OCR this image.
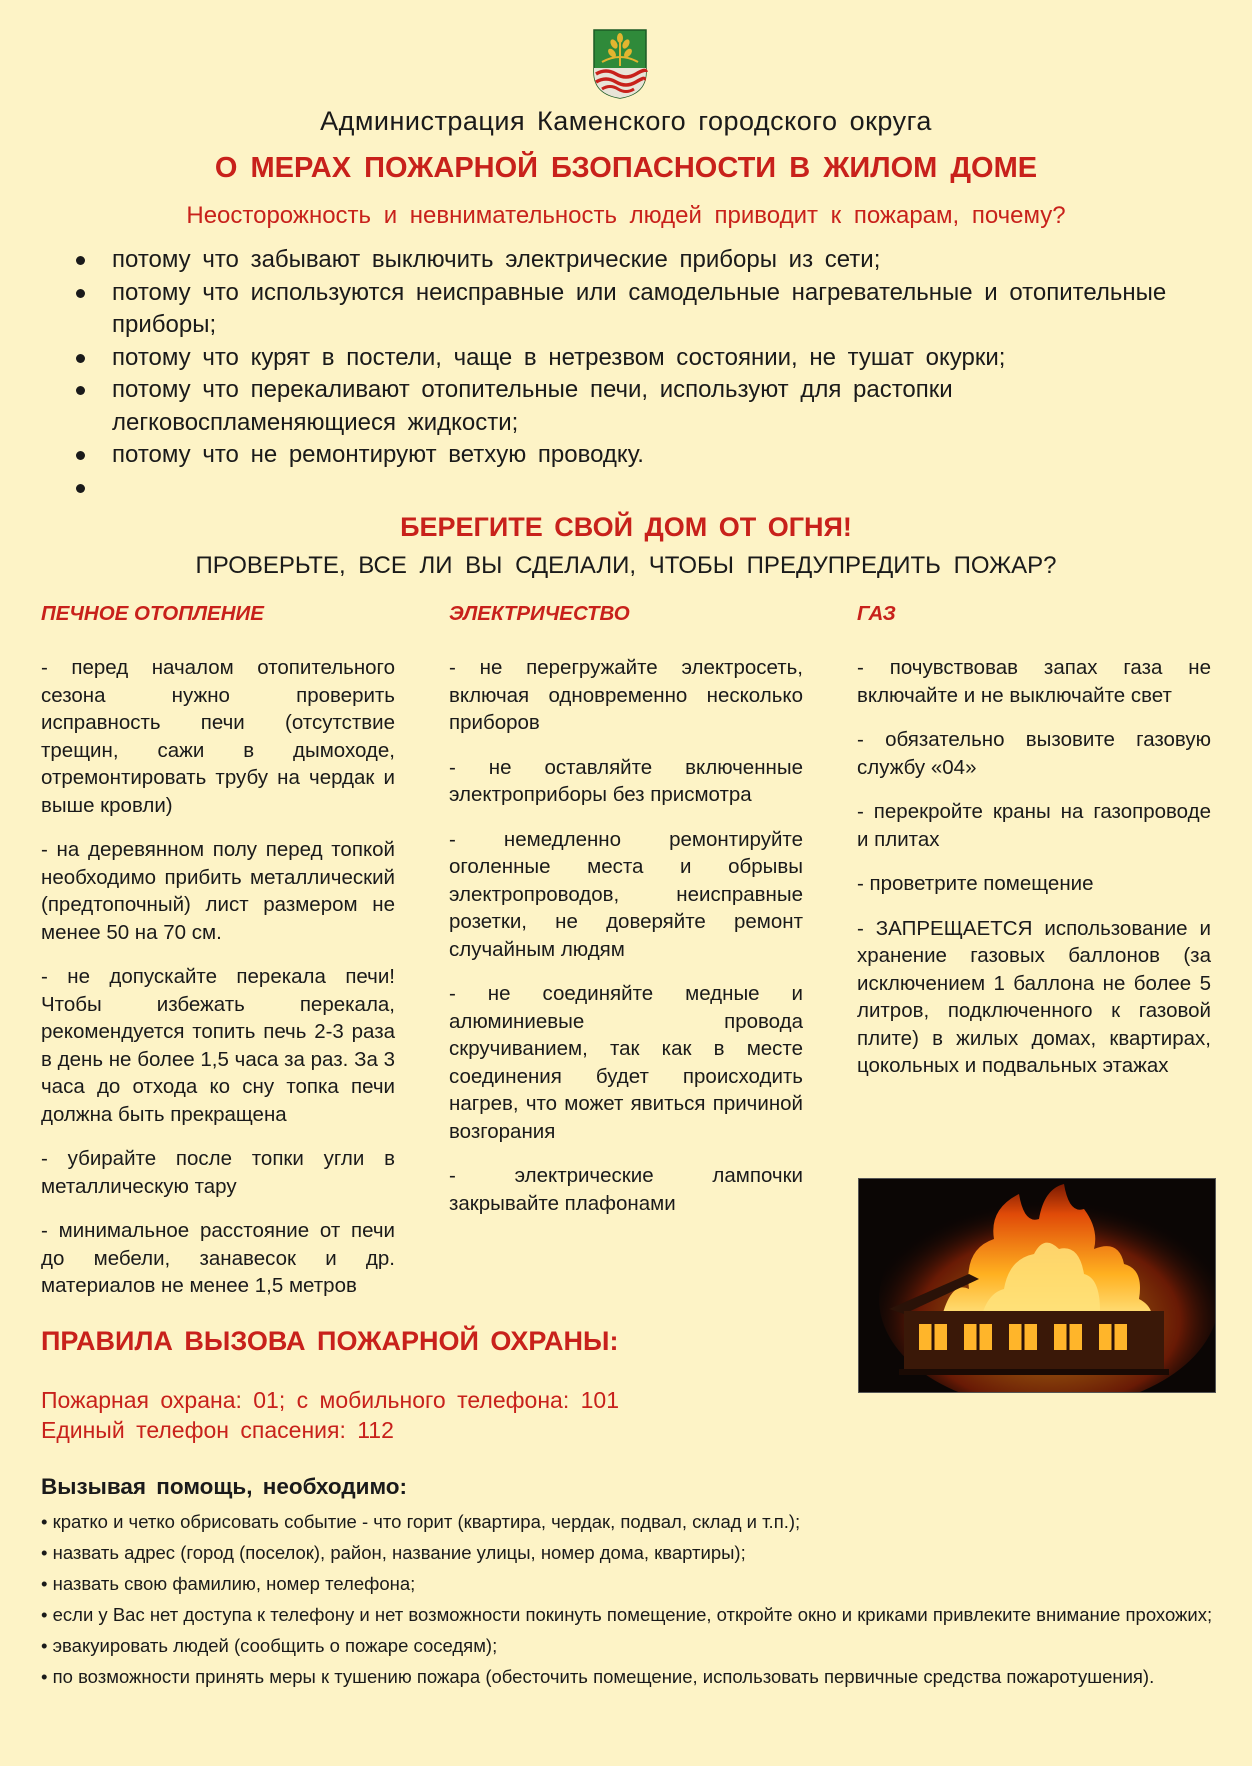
Администрация Каменского городского округа
О МЕРАХ ПОЖАРНОЙ БЗОПАСНОСТИ В ЖИЛОМ ДОМЕ
Неосторожность и невнимательность людей приводит к пожарам, почему?
потому что забывают выключить электрические приборы из сети;
потому что используются неисправные или самодельные нагревательные и отопительные приборы;
потому что курят в постели, чаще в нетрезвом состоянии, не тушат окурки;
потому что перекаливают отопительные печи, используют для растопки легковоспламеняющиеся жидкости;
потому что не ремонтируют ветхую проводку.
БЕРЕГИТЕ СВОЙ ДОМ ОТ ОГНЯ!
ПРОВЕРЬТЕ, ВСЕ ЛИ ВЫ СДЕЛАЛИ, ЧТОБЫ ПРЕДУПРЕДИТЬ ПОЖАР?
ПЕЧНОЕ ОТОПЛЕНИЕ

- перед началом отопительного сезона нужно проверить исправность печи (отсутствие трещин, сажи в дымоходе, отремонтировать трубу на чердак и выше кровли)

- на деревянном полу перед топкой необходимо прибить металлический (предтопочный) лист размером не менее 50 на 70 см.

- не допускайте перекала печи! Чтобы избежать перекала, рекомендуется топить печь 2-3 раза в день не более 1,5 часа за раз. За 3 часа до отхода ко сну топка печи должна быть прекращена

- убирайте после топки угли в металлическую тару

- минимальное расстояние от печи до мебели, занавесок и др. материалов не менее 1,5 метров

ЭЛЕКТРИЧЕСТВО

- не перегружайте электросеть, включая одновременно несколько приборов

- не оставляйте включенные электроприборы без присмотра

- немедленно ремонтируйте оголенные места и обрывы электропроводов, неисправные розетки, не доверяйте ремонт случайным людям

- не соединяйте медные и алюминиевые провода скручиванием, так как в месте соединения будет происходить нагрев, что может явиться причиной возгорания

- электрические лампочки закрывайте плафонами

ГАЗ

- почувствовав запах газа не включайте и не выключайте свет

- обязательно вызовите газовую службу «04»

- перекройте краны на газопроводе и плитах

- проветрите помещение

- ЗАПРЕЩАЕТСЯ использование и хранение газовых баллонов (за исключением 1 баллона не более 5 литров, подключенного к газовой плите) в жилых домах, квартирах, цокольных и подвальных этажах

ПРАВИЛА ВЫЗОВА ПОЖАРНОЙ ОХРАНЫ:
Пожарная охрана: 01; с мобильного телефона: 101
Единый телефон спасения: 112
Вызывая помощь, необходимо:
• кратко и четко обрисовать событие - что горит (квартира, чердак, подвал, склад и т.п.);
• назвать адрес (город (поселок), район, название улицы, номер дома, квартиры);
• назвать свою фамилию, номер телефона;
• если у Вас нет доступа к телефону и нет возможности покинуть помещение, откройте окно и криками привлеките внимание прохожих;
• эвакуировать людей (сообщить о пожаре соседям);
• по возможности принять меры к тушению пожара (обесточить помещение, использовать первичные средства пожаротушения).
